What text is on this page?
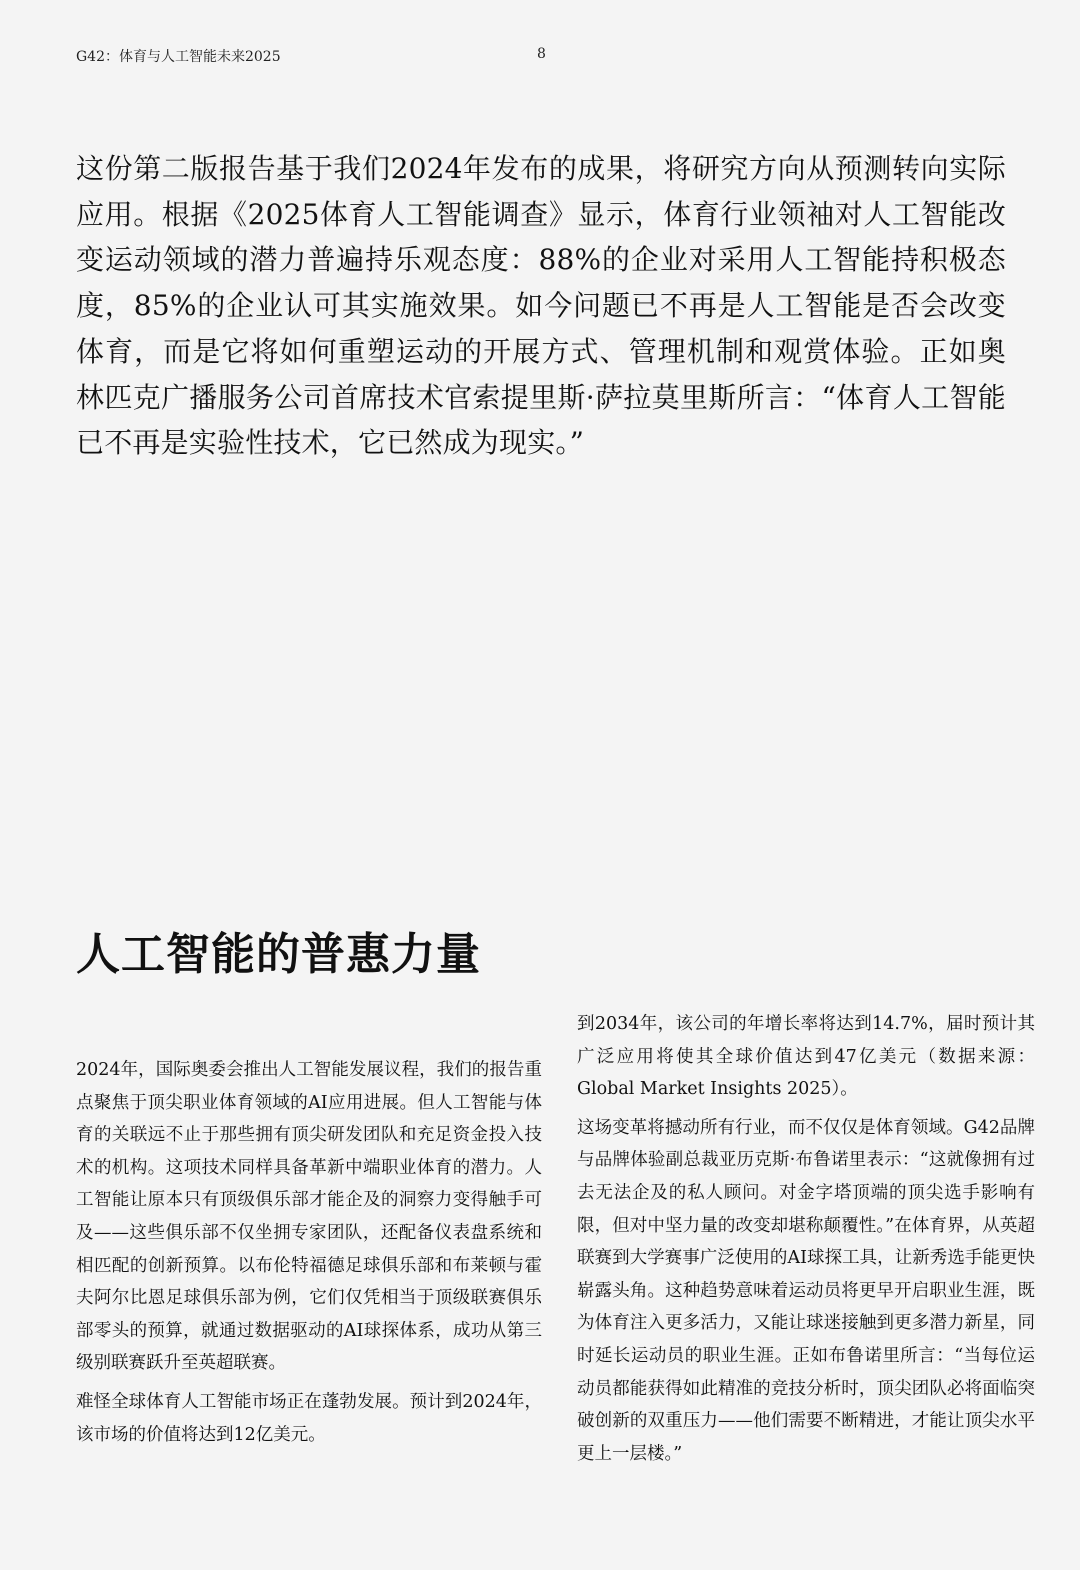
G42：体育与人工智能未来2025	8

这份第二版报告基于我们2024年发布的成果，将研究方向从预测转向实际应用。根据《2025体育人工智能调查》显示，体育行业领袖对人工智能改变运动领域的潜力普遍持乐观态度：88%的企业对采用人工智能持积极态度，85%的企业认可其实施效果。如今问题已不再是人工智能是否会改变体育，而是它将如何重塑运动的开展方式、管理机制和观赏体验。正如奥林匹克广播服务公司首席技术官索提里斯·萨拉莫里斯所言：“体育人工智能已不再是实验性技术，它已然成为现实。”

人工智能的普惠力量

2024年，国际奥委会推出人工智能发展议程，我们的报告重点聚焦于顶尖职业体育领域的AI应用进展。但人工智能与体育的关联远不止于那些拥有顶尖研发团队和充足资金投入技术的机构。这项技术同样具备革新中端职业体育的潜力。人工智能让原本只有顶级俱乐部才能企及的洞察力变得触手可及——这些俱乐部不仅坐拥专家团队，还配备仪表盘系统和相匹配的创新预算。以布伦特福德足球俱乐部和布莱顿与霍夫阿尔比恩足球俱乐部为例，它们仅凭相当于顶级联赛俱乐部零头的预算，就通过数据驱动的AI球探体系，成功从第三级别联赛跃升至英超联赛。

难怪全球体育人工智能市场正在蓬勃发展。预计到2024年，该市场的价值将达到12亿美元。

到2034年，该公司的年增长率将达到14.7%，届时预计其广泛应用将使其全球价值达到47亿美元（数据来源： Global Market Insights 2025）。

这场变革将撼动所有行业，而不仅仅是体育领域。G42品牌与品牌体验副总裁亚历克斯·布鲁诺里表示：“这就像拥有过去无法企及的私人顾问。对金字塔顶端的顶尖选手影响有限，但对中坚力量的改变却堪称颠覆性。”在体育界，从英超联赛到大学赛事广泛使用的AI球探工具，让新秀选手能更快崭露头角。这种趋势意味着运动员将更早开启职业生涯，既为体育注入更多活力，又能让球迷接触到更多潜力新星，同时延长运动员的职业生涯。正如布鲁诺里所言：“当每位运动员都能获得如此精准的竞技分析时，顶尖团队必将面临突破创新的双重压力——他们需要不断精进，才能让顶尖水平更上一层楼。”
